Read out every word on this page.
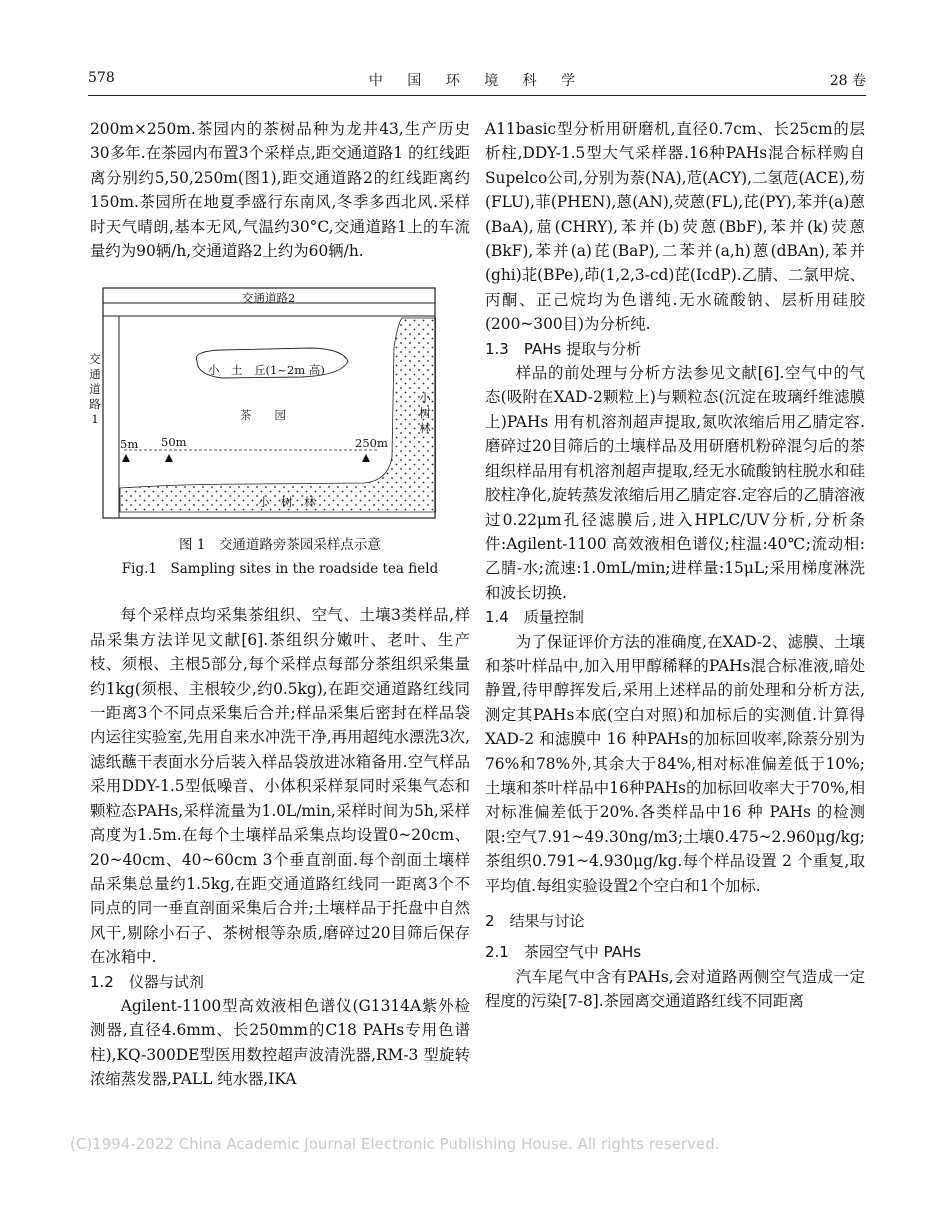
578	中 国 环 境 科 学	28 卷

200m×250m.茶园内的茶树品种为龙井43,生产历史30多年.在茶园内布置3个采样点,距交通道路1 的红线距离分别约5,50,250m(图1),距交通道路2的红线距离约150m.茶园所在地夏季盛行东南风,冬季多西北风.采样时天气晴朗,基本无风,气温约30°C,交通道路1上的车流量约为90辆/h,交通道路2上约为60辆/h.

交通道路2
交通道路1
小　土　丘(1~2m 高)
茶　　园
小树林
小　树　林
5m 50m	250m
图 1　交通道路旁茶园采样点示意
Fig.1　Sampling sites in the roadside tea field

每个采样点均采集茶组织、空气、土壤3类样品,样品采集方法详见文献[6].茶组织分嫩叶、老叶、生产枝、须根、主根5部分,每个采样点每部分茶组织采集量约1kg(须根、主根较少,约0.5kg),在距交通道路红线同一距离3个不同点采集后合并;样品采集后密封在样品袋内运往实验室,先用自来水冲洗干净,再用超纯水漂洗3次,滤纸蘸干表面水分后装入样品袋放进冰箱备用.空气样品采用DDY-1.5型低噪音、小体积采样泵同时采集气态和颗粒态PAHs,采样流量为1.0L/min,采样时间为5h,采样高度为1.5m.在每个土壤样品采集点均设置0~20cm、20~40cm、40~60cm 3个垂直剖面.每个剖面土壤样品采集总量约1.5kg,在距交通道路红线同一距离3个不同点的同一垂直剖面采集后合并;土壤样品于托盘中自然风干,剔除小石子、茶树根等杂质,磨碎过20目筛后保存在冰箱中.

1.2　仪器与试剂

Agilent-1100型高效液相色谱仪(G1314A紫外检测器,直径4.6mm、长250mm的C18 PAHs专用色谱柱),KQ-300DE型医用数控超声波清洗器,RM-3 型旋转浓缩蒸发器,PALL 纯水器,IKA

A11basic型分析用研磨机,直径0.7cm、长25cm的层析柱,DDY-1.5型大气采样器.16种PAHs混合标样购自Supelco公司,分别为萘(NA),苊(ACY),二氢苊(ACE),芴(FLU),菲(PHEN),蒽(AN),荧蒽(FL),芘(PY),苯并(a)蒽(BaA),䓛(CHRY),苯并(b)荧蒽(BbF),苯并(k)荧蒽(BkF),苯并(a)芘(BaP),二苯并(a,h)蒽(dBAn),苯并(ghi)苝(BPe),茚(1,2,3-cd)芘(IcdP).乙腈、二氯甲烷、丙酮、正己烷均为色谱纯.无水硫酸钠、层析用硅胶(200~300目)为分析纯.

1.3　PAHs 提取与分析

样品的前处理与分析方法参见文献[6].空气中的气态(吸附在XAD-2颗粒上)与颗粒态(沉淀在玻璃纤维滤膜上)PAHs 用有机溶剂超声提取,氮吹浓缩后用乙腈定容.磨碎过20目筛后的土壤样品及用研磨机粉碎混匀后的茶组织样品用有机溶剂超声提取,经无水硫酸钠柱脱水和硅胶柱净化,旋转蒸发浓缩后用乙腈定容.定容后的乙腈溶液过0.22μm孔径滤膜后,进入HPLC/UV分析,分析条件:Agilent-1100 高效液相色谱仪;柱温:40℃;流动相:乙腈-水;流速:1.0mL/min;进样量:15μL;采用梯度淋洗和波长切换.

1.4　质量控制

为了保证评价方法的准确度,在XAD-2、滤膜、土壤和茶叶样品中,加入用甲醇稀释的PAHs混合标准液,暗处静置,待甲醇挥发后,采用上述样品的前处理和分析方法,测定其PAHs本底(空白对照)和加标后的实测值.计算得 XAD-2 和滤膜中 16 种PAHs的加标回收率,除萘分别为76%和78%外,其余大于84%,相对标准偏差低于10%;土壤和茶叶样品中16种PAHs的加标回收率大于70%,相对标准偏差低于20%.各类样品中16 种 PAHs 的检测限:空气7.91~49.30ng/m3;土壤0.475~2.960μg/kg;茶组织0.791~4.930μg/kg.每个样品设置 2 个重复,取平均值.每组实验设置2个空白和1个加标.

2　结果与讨论
2.1　茶园空气中 PAHs

汽车尾气中含有PAHs,会对道路两侧空气造成一定程度的污染[7-8].茶园离交通道路红线不同距离

(C)1994-2022 China Academic Journal Electronic Publishing House. All rights reserved.
